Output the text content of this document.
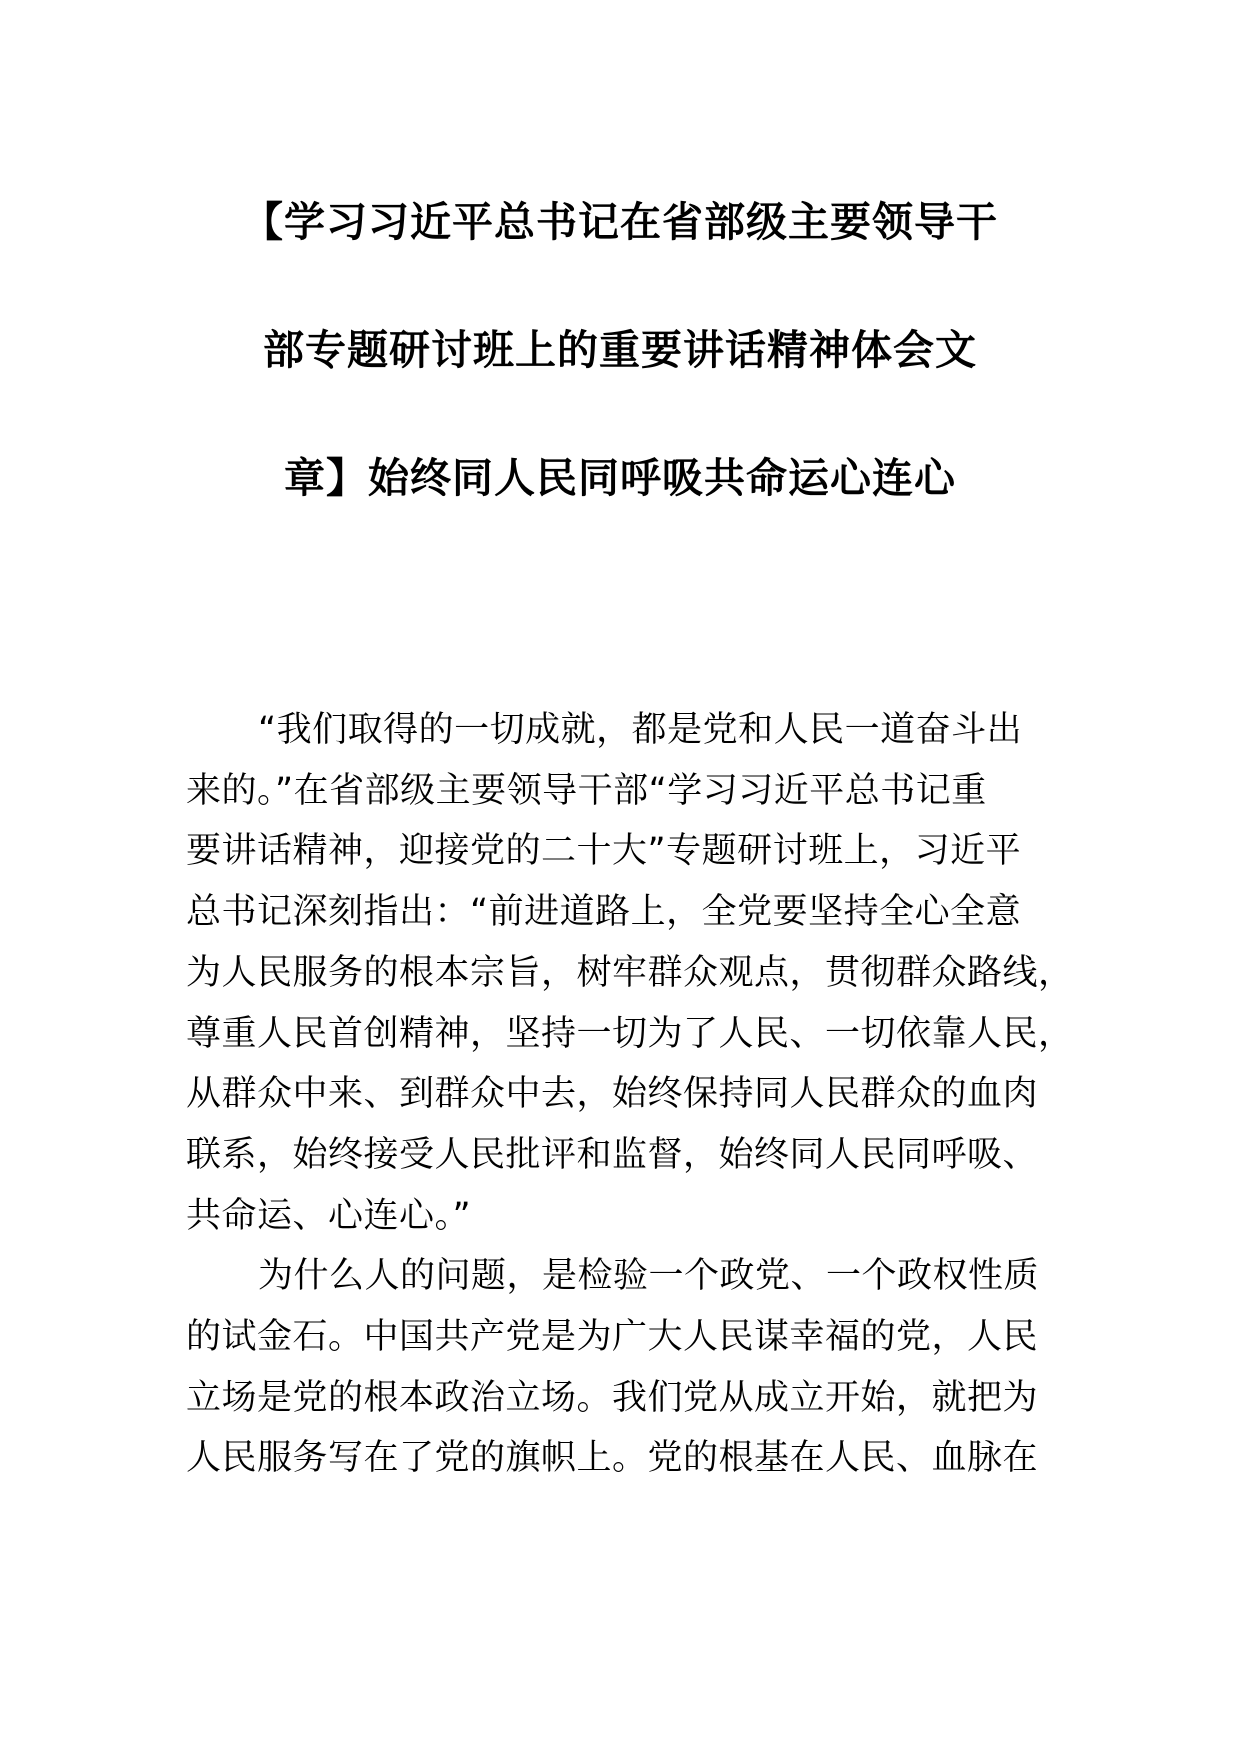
【学习习近平总书记在省部级主要领导干
部专题研讨班上的重要讲话精神体会文
章】始终同人民同呼吸共命运心连心
“我们取得的一切成就，都是党和人民一道奋斗出
来的。”在省部级主要领导干部“学习习近平总书记重
要讲话精神，迎接党的二十大”专题研讨班上，习近平
总书记深刻指出：“前进道路上，全党要坚持全心全意
为人民服务的根本宗旨，树牢群众观点，贯彻群众路线，
尊重人民首创精神，坚持一切为了人民、一切依靠人民，
从群众中来、到群众中去，始终保持同人民群众的血肉
联系，始终接受人民批评和监督，始终同人民同呼吸、
共命运、心连心。”
为什么人的问题，是检验一个政党、一个政权性质
的试金石。中国共产党是为广大人民谋幸福的党，人民
立场是党的根本政治立场。我们党从成立开始，就把为
人民服务写在了党的旗帜上。党的根基在人民、血脉在
